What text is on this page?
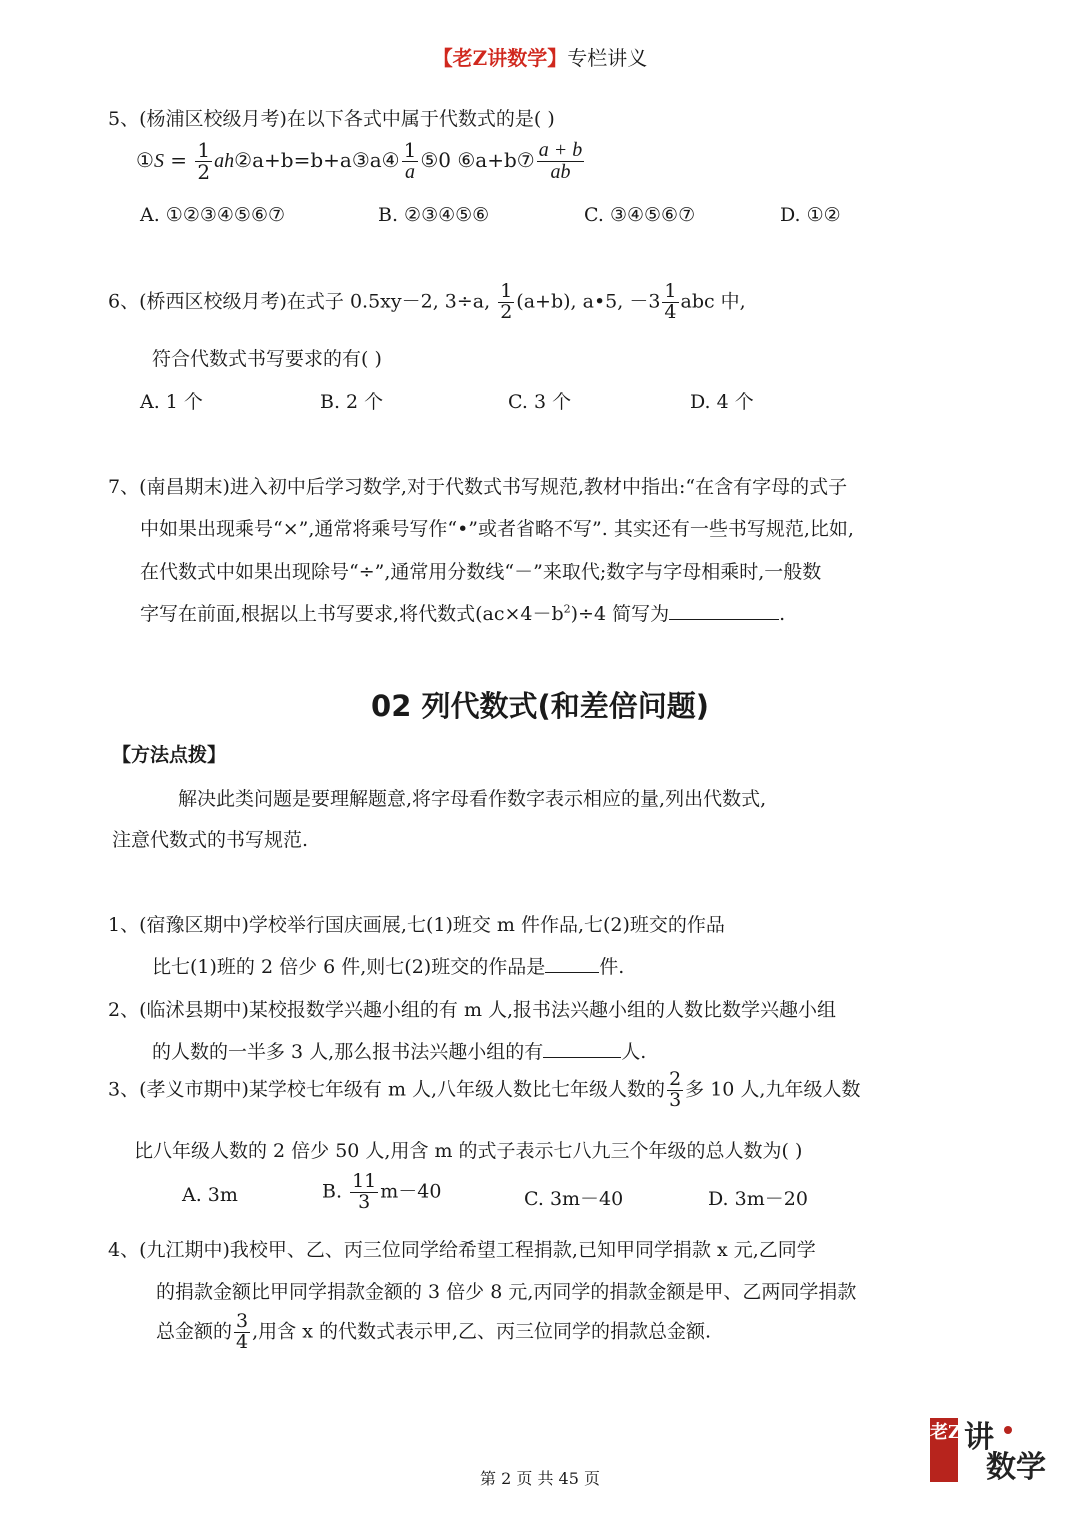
【老Z讲数学】专栏讲义
5、(杨浦区校级月考)在以下各式中属于代数式的是( )
①S = $\frac{1}{2}$ ah②a+b=b+a③a④ $\frac{1}{a}$ ⑤0 ⑥a+b⑦ $\frac{a + b}{ab}$
A. ①②③④⑤⑥⑦	B. ②③④⑤⑥	C. ③④⑤⑥⑦	D. ①②
6、(桥西区校级月考)在式子 0.5xy－2, 3÷a, $\frac{1}{2} (a+b)$, a•5, $-3 \frac{1}{4}$ abc 中,
符合代数式书写要求的有( )
A. 1 个	B. 2 个	C. 3 个	D. 4 个
7、(南昌期末)进入初中后学习数学,对于代数式书写规范,教材中指出:“在含有字母的式子
中如果出现乘号“×”,通常将乘号写作“•”或者省略不写”. 其实还有一些书写规范,比如,
在代数式中如果出现除号“÷”,通常用分数线“－”来取代;数字与字母相乘时,一般数
字写在前面,根据以上书写要求,将代数式$(ac\times 4-b^2)\div 4$ 简写为	.
02 列代数式(和差倍问题)
【方法点拨】
解决此类问题是要理解题意,将字母看作数字表示相应的量,列出代数式,
注意代数式的书写规范.
1、(宿豫区期中)学校举行国庆画展,七(1)班交 m 件作品,七(2)班交的作品
比七(1)班的 2 倍少 6 件,则七(2)班交的作品是	件.
2、(临沭县期中)某校报数学兴趣小组的有 m 人,报书法兴趣小组的人数比数学兴趣小组
的人数的一半多 3 人,那么报书法兴趣小组的有	人.
3、(孝义市期中)某学校七年级有 m 人,八年级人数比七年级人数的 $\frac{2}{3}$ 多 10 人,九年级人数
比八年级人数的 2 倍少 50 人,用含 m 的式子表示七八九三个年级的总人数为( )
A. 3m	B. $\frac{11}{3} m-40$	C. 3m－40	D. 3m－20
4、(九江期中)我校甲、乙、丙三位同学给希望工程捐款,已知甲同学捐款 x 元,乙同学
的捐款金额比甲同学捐款金额的 3 倍少 8 元,丙同学的捐款金额是甲、乙两同学捐款
总金额的 $\frac{3}{4}$ ,用含 x 的代数式表示甲,乙、丙三位同学的捐款总金额.
第 2 页 共 45 页
老Z 讲
数学
